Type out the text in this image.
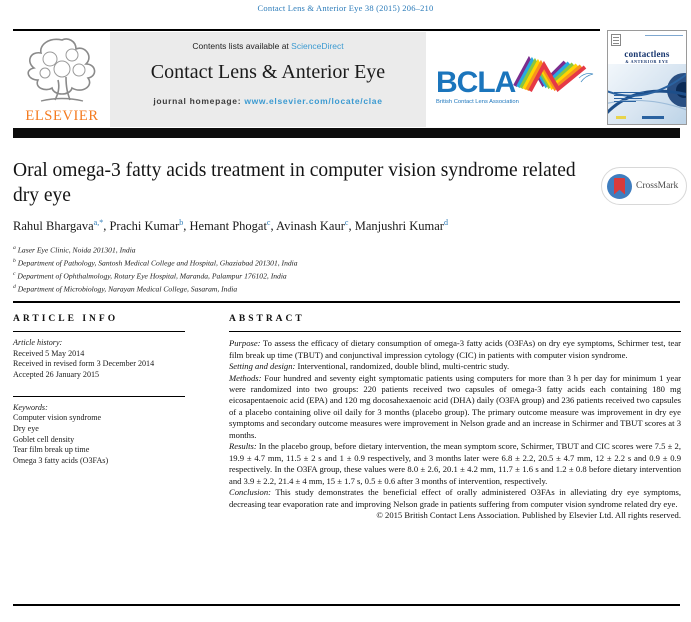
Contact Lens & Anterior Eye 38 (2015) 206–210
ELSEVIER
Contents lists available at ScienceDirect
Contact Lens & Anterior Eye
journal homepage: www.elsevier.com/locate/clae
BCLA
British Contact Lens Association
contactlens
& ANTERIOR EYE
Oral omega-3 fatty acids treatment in computer vision syndrome related dry eye	CrossMark
Rahul Bhargava$^{a,*}$, Prachi Kumar$^b$, Hemant Phogat$^c$, Avinash Kaur$^c$, Manjushri Kumar$^d$
$^a$ Laser Eye Clinic, Noida 201301, India
$^b$ Department of Pathology, Santosh Medical College and Hospital, Ghaziabad 201301, India
$^c$ Department of Ophthalmology, Rotary Eye Hospital, Maranda, Palampur 176102, India
$^d$ Department of Microbiology, Narayan Medical College, Sasaram, India
ARTICLE INFO
Article history:
Received 5 May 2014
Received in revised form 3 December 2014
Accepted 26 January 2015
Keywords:
Computer vision syndrome
Dry eye
Goblet cell density
Tear film break up time
Omega 3 fatty acids (O3FAs)
ABSTRACT
Purpose: To assess the efficacy of dietary consumption of omega-3 fatty acids (O3FAs) on dry eye symptoms, Schirmer test, tear film break up time (TBUT) and conjunctival impression cytology (CIC) in patients with computer vision syndrome.
Setting and design: Interventional, randomized, double blind, multi-centric study.
Methods: Four hundred and seventy eight symptomatic patients using computers for more than 3 h per day for minimum 1 year were randomized into two groups: 220 patients received two capsules of omega-3 fatty acids each containing 180 mg eicosapentaenoic acid (EPA) and 120 mg docosahexaenoic acid (DHA) daily (O3FA group) and 236 patients received two capsules of a placebo containing olive oil daily for 3 months (placebo group). The primary outcome measure was improvement in dry eye symptoms and secondary outcome measures were improvement in Nelson grade and an increase in Schirmer and TBUT scores at 3 months.
Results: In the placebo group, before dietary intervention, the mean symptom score, Schirmer, TBUT and CIC scores were 7.5 ± 2, 19.9 ± 4.7 mm, 11.5 ± 2 s and 1 ± 0.9 respectively, and 3 months later were 6.8 ± 2.2, 20.5 ± 4.7 mm, 12 ± 2.2 s and 0.9 ± 0.9 respectively. In the O3FA group, these values were 8.0 ± 2.6, 20.1 ± 4.2 mm, 11.7 ± 1.6 s and 1.2 ± 0.8 before dietary intervention and 3.9 ± 2.2, 21.4 ± 4 mm, 15 ± 1.7 s, 0.5 ± 0.6 after 3 months of intervention, respectively.
Conclusion: This study demonstrates the beneficial effect of orally administered O3FAs in alleviating dry eye symptoms, decreasing tear evaporation rate and improving Nelson grade in patients suffering from computer vision syndrome related dry eye.
© 2015 British Contact Lens Association. Published by Elsevier Ltd. All rights reserved.
